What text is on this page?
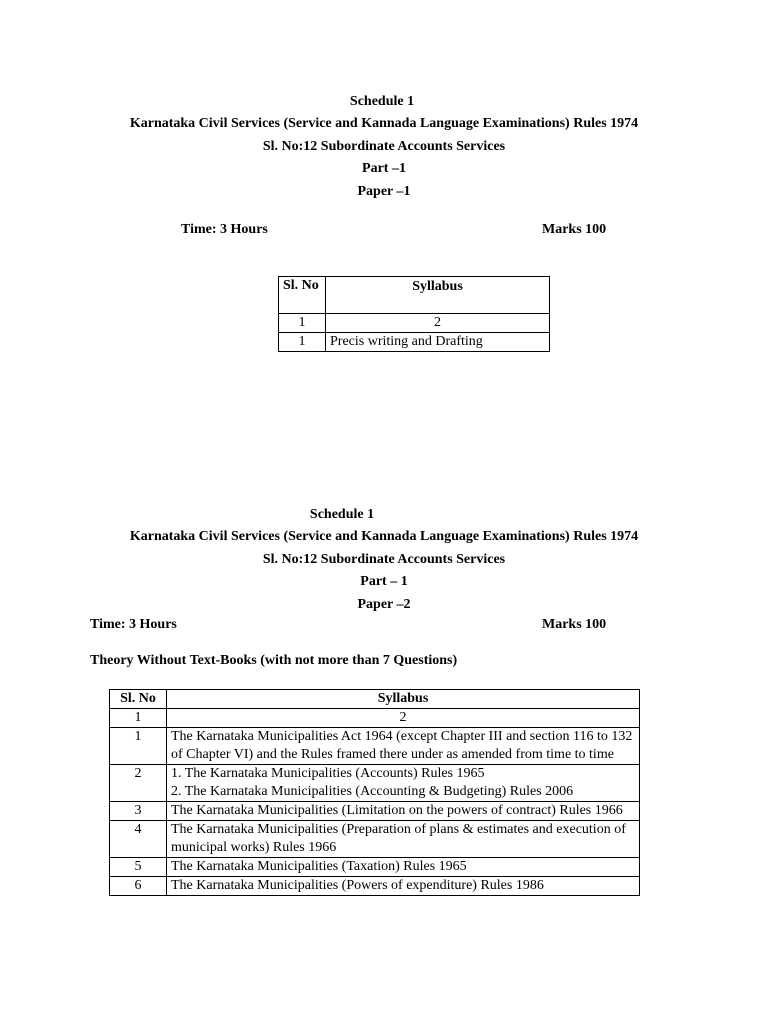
Schedule 1
Karnataka Civil Services (Service and Kannada Language Examinations) Rules 1974
Sl. No:12 Subordinate Accounts Services
Part –1
Paper –1
Time: 3 Hours	Marks 100
Sl. No	Syllabus
1	2
1	Precis writing and Drafting
Schedule 1
Karnataka Civil Services (Service and Kannada Language Examinations) Rules 1974
Sl. No:12 Subordinate Accounts Services
Part – 1
Paper –2
Time: 3 Hours	Marks 100
Theory Without Text-Books (with not more than 7 Questions)
Sl. No	Syllabus
1	2
1	The Karnataka Municipalities Act 1964 (except Chapter III and section 116 to 132 of Chapter VI) and the Rules framed there under as amended from time to time
2	1. The Karnataka Municipalities (Accounts) Rules 1965
2. The Karnataka Municipalities (Accounting & Budgeting) Rules 2006

3	The Karnataka Municipalities (Limitation on the powers of contract) Rules 1966
4	The Karnataka Municipalities (Preparation of plans & estimates and execution of municipal works) Rules 1966
5	The Karnataka Municipalities (Taxation) Rules 1965
6	The Karnataka Municipalities (Powers of expenditure) Rules 1986
